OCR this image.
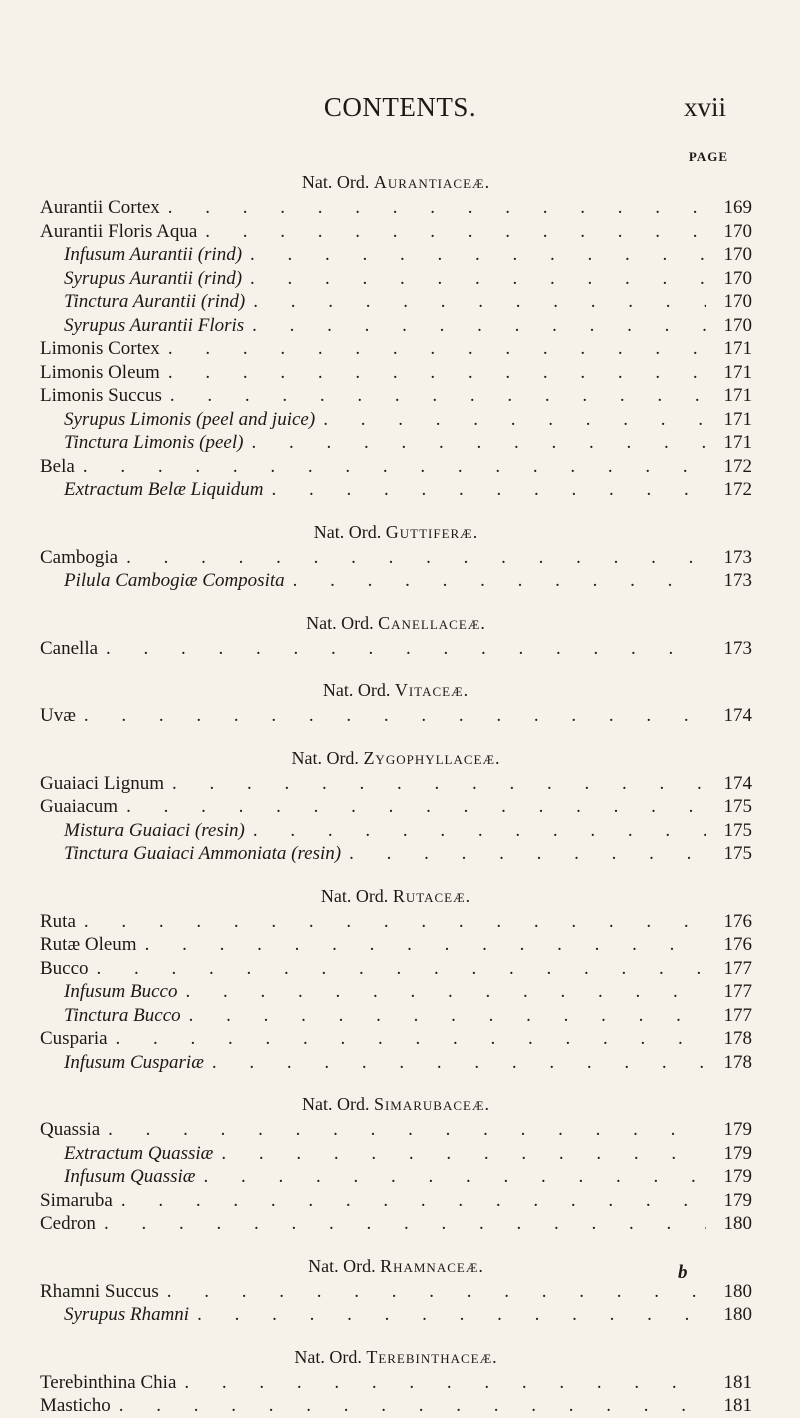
CONTENTS.	xvii
PAGE
Nat. Ord. Aurantiaceæ.
Aurantii Cortex . . .	169
Aurantii Floris Aqua . . .	170
Infusum Aurantii (rind) . . .	170
Syrupus Aurantii (rind) . . .	170
Tinctura Aurantii (rind) . . .	170
Syrupus Aurantii Floris . . .	170
Limonis Cortex . . .	171
Limonis Oleum . . .	171
Limonis Succus . . .	171
Syrupus Limonis (peel and juice) . . .	171
Tinctura Limonis (peel) . . .	171
Bela . . .	172
Extractum Belæ Liquidum . . .	172
Nat. Ord. Guttiferæ.
Cambogia . . .	173
Pilula Cambogiæ Composita . . .	173
Nat. Ord. Canellaceæ.
Canella . . .	173
Nat. Ord. Vitaceæ.
Uvæ . . .	174
Nat. Ord. Zygophyllaceæ.
Guaiaci Lignum . . .	174
Guaiacum . . .	175
Mistura Guaiaci (resin) . . .	175
Tinctura Guaiaci Ammoniata (resin) . . .	175
Nat. Ord. Rutaceæ.
Ruta . . .	176
Rutæ Oleum . . .	176
Bucco . . .	177
Infusum Bucco . . .	177
Tinctura Bucco . . .	177
Cusparia . . .	178
Infusum Cuspariæ . . .	178
Nat. Ord. Simarubaceæ.
Quassia . . .	179
Extractum Quassiæ . . .	179
Infusum Quassiæ . . .	179
Simaruba . . .	179
Cedron . . .	180
Nat. Ord. Rhamnaceæ.
Rhamni Succus . . .	180
Syrupus Rhamni . . .	180
Nat. Ord. Terebinthaceæ.
Terebinthina Chia . . .	181
Masticho . . .	181
b
